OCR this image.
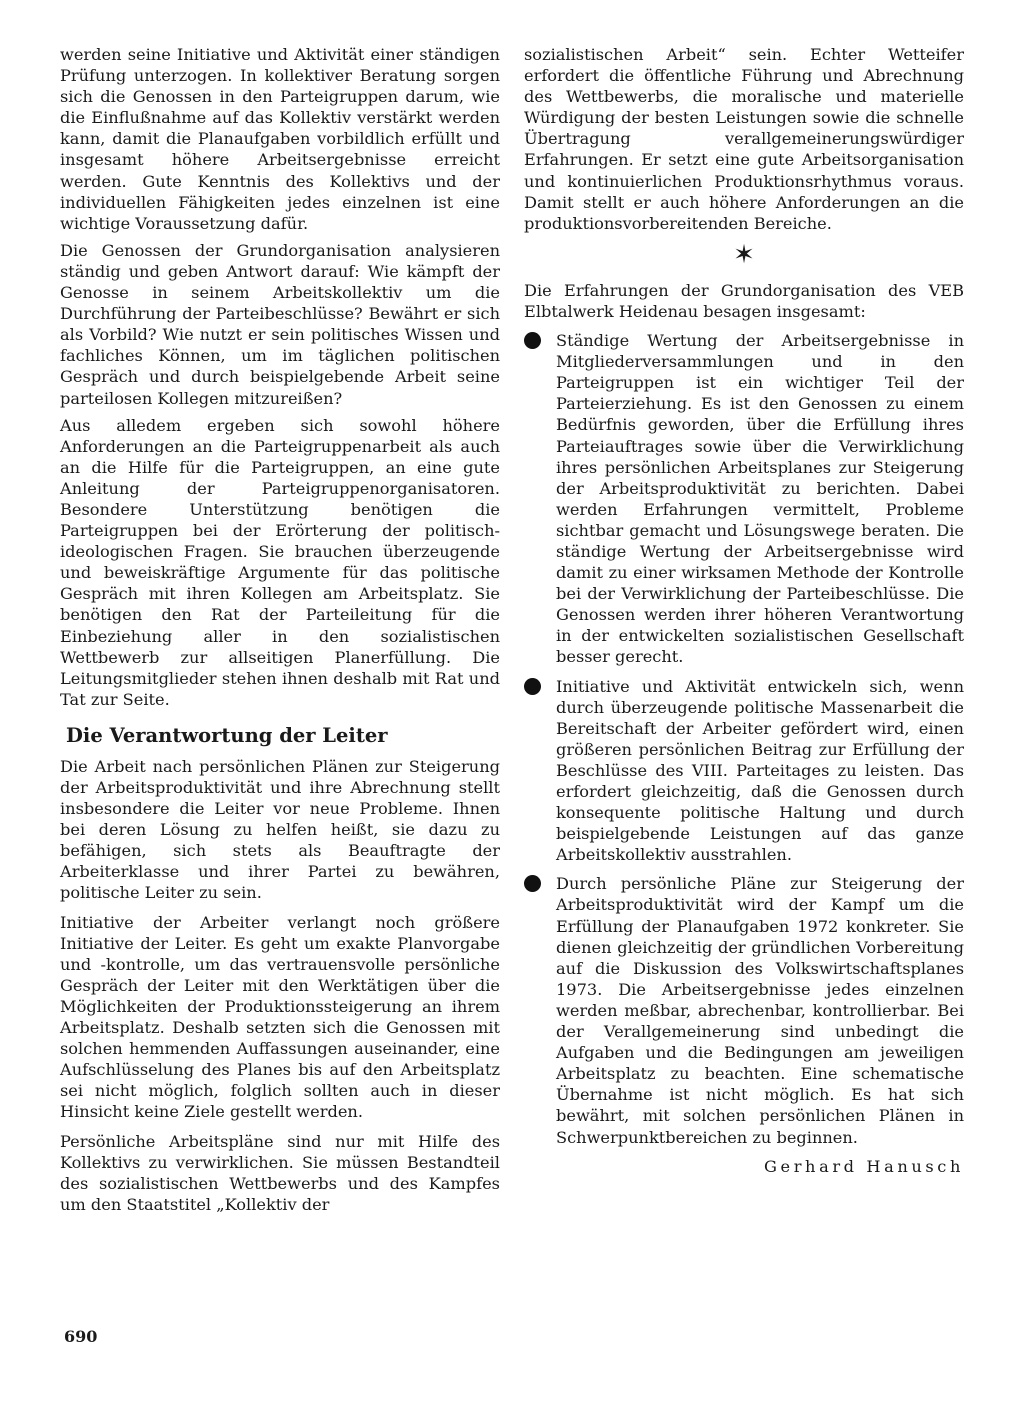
werden seine Initiative und Aktivität einer ständigen Prüfung unterzogen. In kollektiver Beratung sorgen sich die Genossen in den Parteigruppen darum, wie die Einflußnahme auf das Kollektiv verstärkt werden kann, damit die Planaufgaben vorbildlich erfüllt und insgesamt höhere Arbeitsergebnisse erreicht werden. Gute Kenntnis des Kollektivs und der individuellen Fähigkeiten jedes einzelnen ist eine wichtige Voraussetzung dafür.

Die Genossen der Grundorganisation analysieren ständig und geben Antwort darauf: Wie kämpft der Genosse in seinem Arbeitskollektiv um die Durchführung der Parteibeschlüsse? Bewährt er sich als Vorbild? Wie nutzt er sein politisches Wissen und fachliches Können, um im täglichen politischen Gespräch und durch beispielgebende Arbeit seine parteilosen Kollegen mitzureißen?

Aus alledem ergeben sich sowohl höhere Anforderungen an die Parteigruppenarbeit als auch an die Hilfe für die Parteigruppen, an eine gute Anleitung der Parteigruppenorganisatoren. Besondere Unterstützung benötigen die Parteigruppen bei der Erörterung der politisch-ideologischen Fragen. Sie brauchen überzeugende und beweiskräftige Argumente für das politische Gespräch mit ihren Kollegen am Arbeitsplatz. Sie benötigen den Rat der Parteileitung für die Einbeziehung aller in den sozialistischen Wettbewerb zur allseitigen Planerfüllung. Die Leitungsmitglieder stehen ihnen deshalb mit Rat und Tat zur Seite.

Die Verantwortung der Leiter

Die Arbeit nach persönlichen Plänen zur Steigerung der Arbeitsproduktivität und ihre Abrechnung stellt insbesondere die Leiter vor neue Probleme. Ihnen bei deren Lösung zu helfen heißt, sie dazu zu befähigen, sich stets als Beauftragte der Arbeiterklasse und ihrer Partei zu bewähren, politische Leiter zu sein.

Initiative der Arbeiter verlangt noch größere Initiative der Leiter. Es geht um exakte Planvorgabe und -kontrolle, um das vertrauensvolle persönliche Gespräch der Leiter mit den Werktätigen über die Möglichkeiten der Produktionssteigerung an ihrem Arbeitsplatz. Deshalb setzten sich die Genossen mit solchen hemmenden Auffassungen auseinander, eine Aufschlüsselung des Planes bis auf den Arbeitsplatz sei nicht möglich, folglich sollten auch in dieser Hinsicht keine Ziele gestellt werden.

Persönliche Arbeitspläne sind nur mit Hilfe des Kollektivs zu verwirklichen. Sie müssen Bestandteil des sozialistischen Wettbewerbs und des Kampfes um den Staatstitel „Kollektiv der

sozialistischen Arbeit“ sein. Echter Wetteifer erfordert die öffentliche Führung und Abrechnung des Wettbewerbs, die moralische und materielle Würdigung der besten Leistungen sowie die schnelle Übertragung verallgemeinerungswürdiger Erfahrungen. Er setzt eine gute Arbeitsorganisation und kontinuierlichen Produktionsrhythmus voraus. Damit stellt er auch höhere Anforderungen an die produktionsvorbereitenden Bereiche.

✶

Die Erfahrungen der Grundorganisation des VEB Elbtalwerk Heidenau besagen insgesamt:

Ständige Wertung der Arbeitsergebnisse in Mitgliederversammlungen und in den Parteigruppen ist ein wichtiger Teil der Parteierziehung. Es ist den Genossen zu einem Bedürfnis geworden, über die Erfüllung ihres Parteiauftrages sowie über die Verwirklichung ihres persönlichen Arbeitsplanes zur Steigerung der Arbeitsproduktivität zu berichten. Dabei werden Erfahrungen vermittelt, Probleme sichtbar gemacht und Lösungswege beraten. Die ständige Wertung der Arbeitsergebnisse wird damit zu einer wirksamen Methode der Kontrolle bei der Verwirklichung der Parteibeschlüsse. Die Genossen werden ihrer höheren Verantwortung in der entwickelten sozialistischen Gesellschaft besser gerecht.
Initiative und Aktivität entwickeln sich, wenn durch überzeugende politische Massenarbeit die Bereitschaft der Arbeiter gefördert wird, einen größeren persönlichen Beitrag zur Erfüllung der Beschlüsse des VIII. Parteitages zu leisten. Das erfordert gleichzeitig, daß die Genossen durch konsequente politische Haltung und durch beispielgebende Leistungen auf das ganze Arbeitskollektiv ausstrahlen.
Durch persönliche Pläne zur Steigerung der Arbeitsproduktivität wird der Kampf um die Erfüllung der Planaufgaben 1972 konkreter. Sie dienen gleichzeitig der gründlichen Vorbereitung auf die Diskussion des Volkswirtschaftsplanes 1973. Die Arbeitsergebnisse jedes einzelnen werden meßbar, abrechenbar, kontrollierbar. Bei der Verallgemeinerung sind unbedingt die Aufgaben und die Bedingungen am jeweiligen Arbeitsplatz zu beachten. Eine schematische Übernahme ist nicht möglich. Es hat sich bewährt, mit solchen persönlichen Plänen in Schwerpunktbereichen zu beginnen.
Gerhard Hanusch
690
